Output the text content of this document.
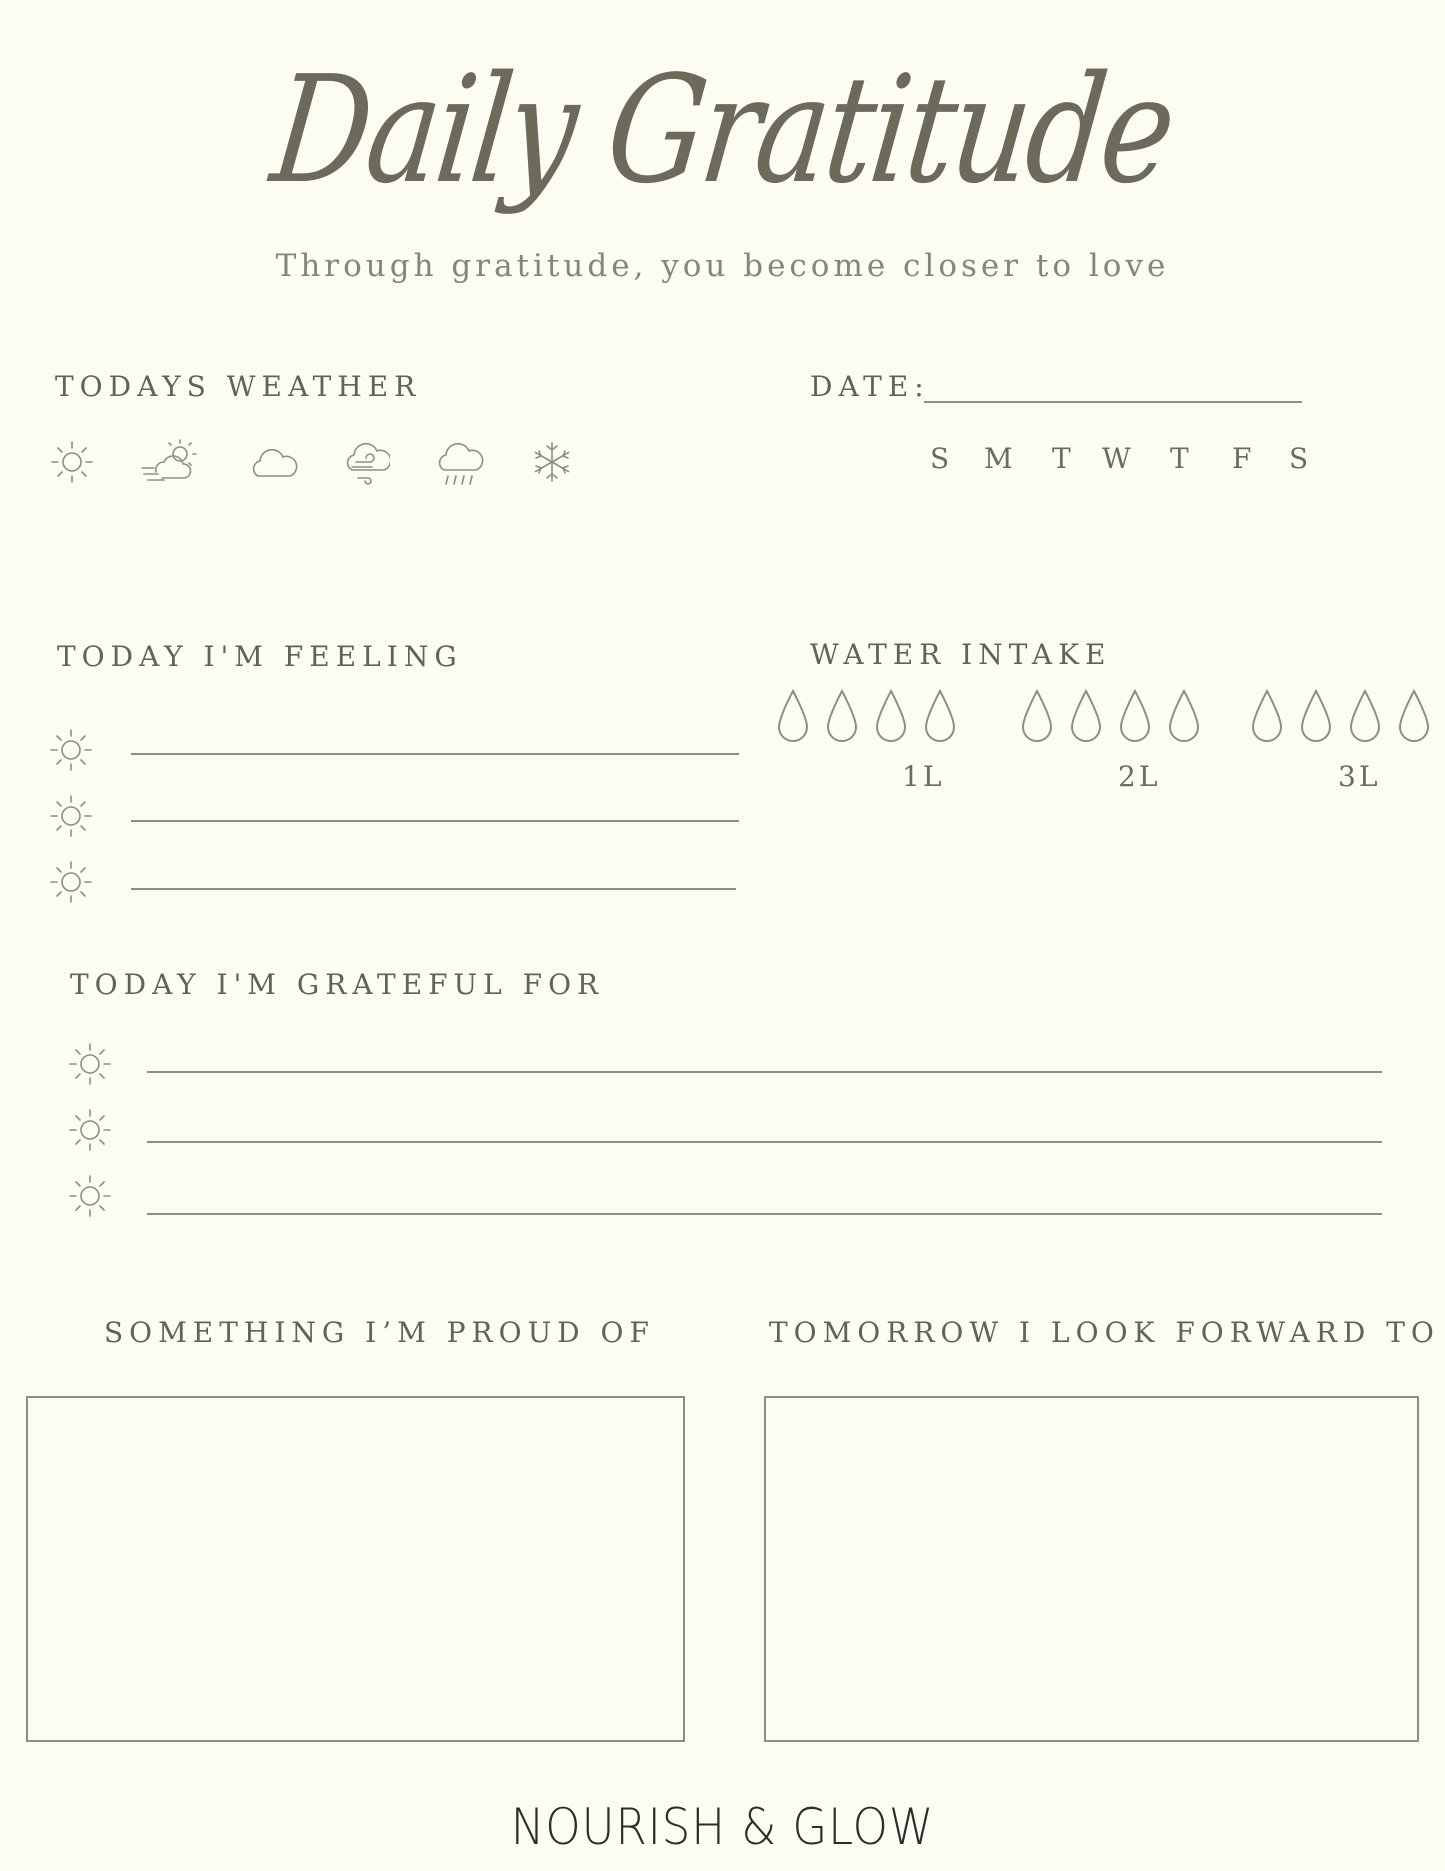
Daily Gratitude
Through gratitude, you become closer to love
TODAYS WEATHER	DATE:
S M T W T F S
TODAY I'M FEELING	WATER INTAKE
1L	2L	3L
TODAY I'M GRATEFUL FOR
SOMETHING I’M PROUD OF	TOMORROW I LOOK FORWARD TO
NOURISH & GLOW
